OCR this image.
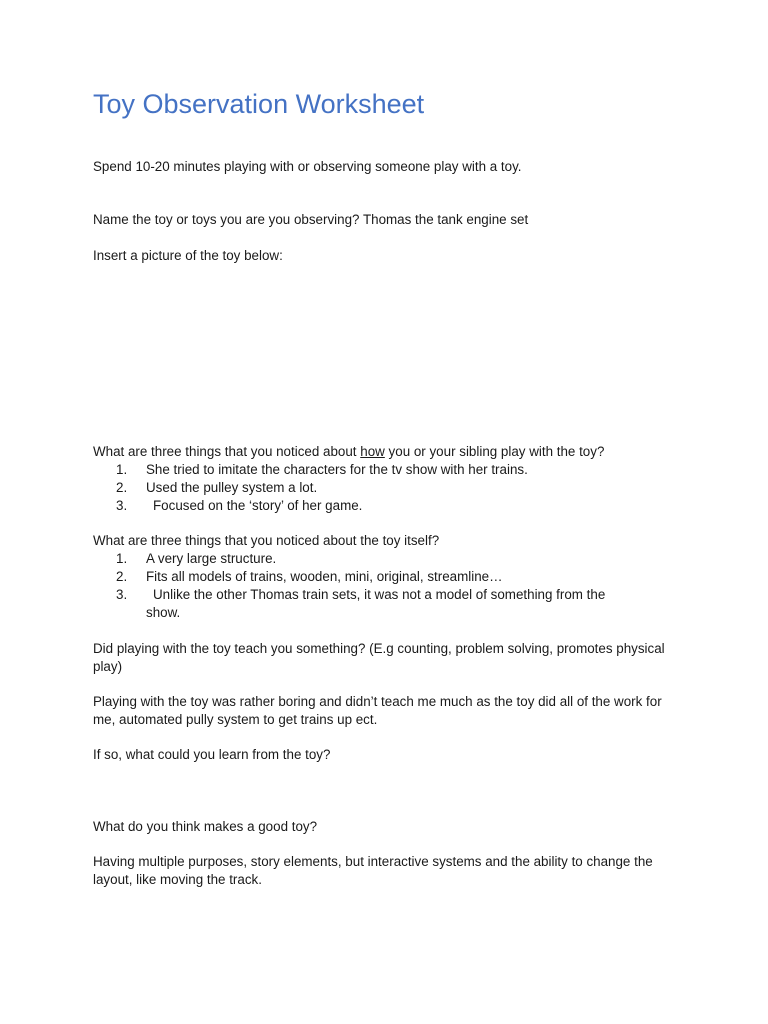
Toy Observation Worksheet

Spend 10-20 minutes playing with or observing someone play with a toy.

Name the toy or toys you are you observing? Thomas the tank engine set

Insert a picture of the toy below:

What are three things that you noticed about how you or your sibling play with the toy?

1. She tried to imitate the characters for the tv show with her trains.
2. Used the pulley system a lot.
3. Focused on the ‘story’ of her game.

What are three things that you noticed about the toy itself?

1. A very large structure.
2. Fits all models of trains, wooden, mini, original, streamline…
3.	Unlike the other Thomas train sets, it was not a model of something from the
show.

Did playing with the toy teach you something? (E.g counting, problem solving, promotes physical play)

Playing with the toy was rather boring and didn’t teach me much as the toy did all of the work for me, automated pully system to get trains up ect.

If so, what could you learn from the toy?

What do you think makes a good toy?

Having multiple purposes, story elements, but interactive systems and the ability to change the layout, like moving the track.
